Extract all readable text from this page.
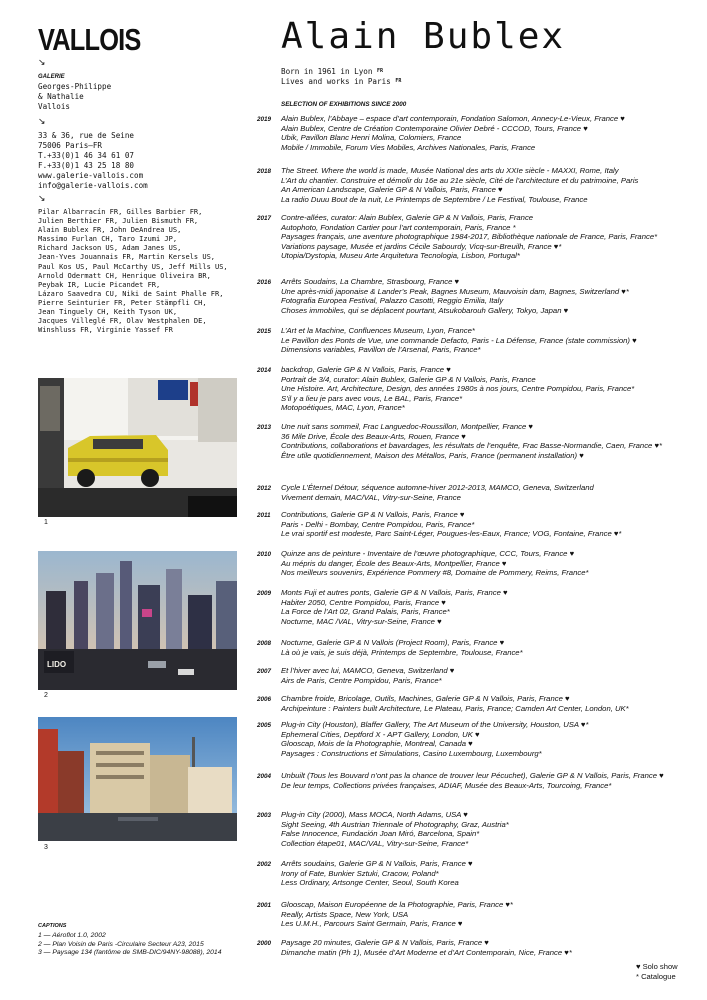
VALLOIS
↘
GALERIE
Georges-Philippe
& Nathalie
Vallois
↘
33 & 36, rue de Seine
75006 Paris–FR
T.+33(0)1 46 34 61 07
F.+33(0)1 43 25 18 80
www.galerie-vallois.com
info@galerie-vallois.com
↘
Pilar Albarracín FR, Gilles Barbier FR,
Julien Berthier FR, Julien Bismuth FR,
Alain Bublex FR, John DeAndrea US,
Massimo Furlan CH, Taro Izumi JP,
Richard Jackson US, Adam Janes US,
Jean-Yves Jouannais FR, Martin Kersels US,
Paul Kos US, Paul McCarthy US, Jeff Mills US,
Arnold Odermatt CH, Henrique Oliveira BR,
Peybak IR, Lucie Picandet FR,
Lázaro Saavedra CU, Niki de Saint Phalle FR,
Pierre Seinturier FR, Peter Stämpfli CH,
Jean Tinguely CH, Keith Tyson UK,
Jacques Villeglé FR, Olav Westphalen DE,
Winshluss FR, Virginie Yassef FR
1
LIDO
2
3
CAPTIONS
1 — Aéroflot 1.0, 2002
2 — Plan Voisin de Paris -Circulaire Secteur A23, 2015
3 — Paysage 134 (fantôme de SMB-DIC/94NY-98088), 2014
Alain Bublex
Born in 1961 in Lyon $^{FR}$
Lives and works in Paris $^{FR}$
SELECTION OF EXHIBITIONS SINCE 2000
2019 Alain Bublex, l’Abbaye – espace d’art contemporain, Fondation Salomon, Annecy-Le-Vieux, France ♥
Alain Bublex, Centre de Création Contemporaine Olivier Debré - CCCOD, Tours, France ♥
Ubik, Pavillon Blanc Henri Molina, Colomiers, France
Mobile / Immobile, Forum Vies Mobiles, Archives Nationales, Paris, France
2018 The Street. Where the world is made, Musée National des arts du XXIe siècle - MAXXI, Rome, Italy
L’Art du chantier. Construire et démolir du 16e au 21e siècle, Cité de l’architecture et du patrimoine, Paris
An American Landscape, Galerie GP & N Vallois, Paris, France ♥
La radio Duuu Bout de la nuit, Le Printemps de Septembre / Le Festival, Toulouse, France
2017 Contre-allées, curator: Alain Bublex, Galerie GP & N Vallois, Paris, France
Autophoto, Fondation Cartier pour l’art contemporain, Paris, France *
Paysages français, une aventure photographique 1984-2017, Bibliothèque nationale de France, Paris, France*
Variations paysage, Musée et jardins Cécile Sabourdy, Vicq-sur-Breuilh, France ♥*
Utopia/Dystopia, Museu Arte Arquitetura Tecnologia, Lisbon, Portugal*
2016 Arrêts Soudains, La Chambre, Strasbourg, France ♥
Une après-midi japonaise & Lander’s Peak, Bagnes Museum, Mauvoisin dam, Bagnes, Switzerland ♥*
Fotografia Europea Festival, Palazzo Casotti, Reggio Emilia, Italy
Choses immobiles, qui se déplacent pourtant, Atsukobarouh Gallery, Tokyo, Japan ♥
2015 L’Art et la Machine, Confluences Museum, Lyon, France*
Le Pavillon des Ponts de Vue, une commande Defacto, Paris - La Défense, France (state commission) ♥
Dimensions variables, Pavillon de l’Arsenal, Paris, France*
2014 backdrop, Galerie GP & N Vallois, Paris, France ♥
Portrait de 3/4, curator: Alain Bublex, Galerie GP & N Vallois, Paris, France
Une Histoire. Art, Architecture, Design, des années 1980s à nos jours, Centre Pompidou, Paris, France*
S’il y a lieu je pars avec vous, Le BAL, Paris, France*
Motopoétiques, MAC, Lyon, France*
2013 Une nuit sans sommeil, Frac Languedoc-Roussillon, Montpellier, France ♥
36 Mile Drive, École des Beaux-Arts, Rouen, France ♥
Contributions, collaborations et bavardages, les résultats de l’enquête, Frac Basse-Normandie, Caen, France ♥*
Être utile quotidiennement, Maison des Métallos, Paris, France (permanent installation) ♥
2012 Cycle L’Éternel Détour, séquence automne-hiver 2012-2013, MAMCO, Geneva, Switzerland
Vivement demain, MAC/VAL, Vitry-sur-Seine, France
2011 Contributions, Galerie GP & N Vallois, Paris, France ♥
Paris - Delhi - Bombay, Centre Pompidou, Paris, France*
Le vrai sportif est modeste, Parc Saint-Léger, Pougues-les-Eaux, France; VOG, Fontaine, France ♥*
2010 Quinze ans de peinture - Inventaire de l’œuvre photographique, CCC, Tours, France ♥
Au mépris du danger, École des Beaux-Arts, Montpellier, France ♥
Nos meilleurs souvenirs, Expérience Pommery #8, Domaine de Pommery, Reims, France*
2009 Monts Fuji et autres ponts, Galerie GP & N Vallois, Paris, France ♥
Habiter 2050, Centre Pompidou, Paris, France ♥
La Force de l’Art 02, Grand Palais, Paris, France*
Nocturne, MAC /VAL, Vitry-sur-Seine, France ♥
2008 Nocturne, Galerie GP & N Vallois (Project Room), Paris, France ♥
Là où je vais, je suis déjà, Printemps de Septembre, Toulouse, France*
2007 Et l’hiver avec lui, MAMCO, Geneva, Switzerland ♥
Airs de Paris, Centre Pompidou, Paris, France*
2006 Chambre froide, Bricolage, Outils, Machines, Galerie GP & N Vallois, Paris, France ♥
Archipeinture : Painters built Architecture, Le Plateau, Paris, France; Camden Art Center, London, UK*
2005 Plug-in City (Houston), Blaffer Gallery, The Art Museum of the University, Houston, USA ♥*
Ephemeral Cities, Deptford X - APT Gallery, London, UK ♥
Glooscap, Mois de la Photographie, Montreal, Canada ♥
Paysages : Constructions et Simulations, Casino Luxembourg, Luxembourg*
2004 Unbuilt (Tous les Bouvard n’ont pas la chance de trouver leur Pécuchet), Galerie GP & N Vallois, Paris, France ♥
De leur temps, Collections privées françaises, ADIAF, Musée des Beaux-Arts, Tourcoing, France*
2003 Plug-in City (2000), Mass MOCA, North Adams, USA ♥
Sight Seeing, 4th Austrian Triennale of Photography, Graz, Austria*
False Innocence, Fundación Joan Miró, Barcelona, Spain*
Collection étape01, MAC/VAL, Vitry-sur-Seine, France*
2002 Arrêts soudains, Galerie GP & N Vallois, Paris, France ♥
Irony of Fate, Bunkier Sztuki, Cracow, Poland*
Less Ordinary, Artsonge Center, Seoul, South Korea
2001 Glooscap, Maison Européenne de la Photographie, Paris, France ♥*
Really, Artists Space, New York, USA
Les U.M.H., Parcours Saint Germain, Paris, France ♥
2000 Paysage 20 minutes, Galerie GP & N Vallois, Paris, France ♥
Dimanche matin (Ph 1), Musée d’Art Moderne et d’Art Contemporain, Nice, France ♥*
♥ Solo show
* Catalogue
